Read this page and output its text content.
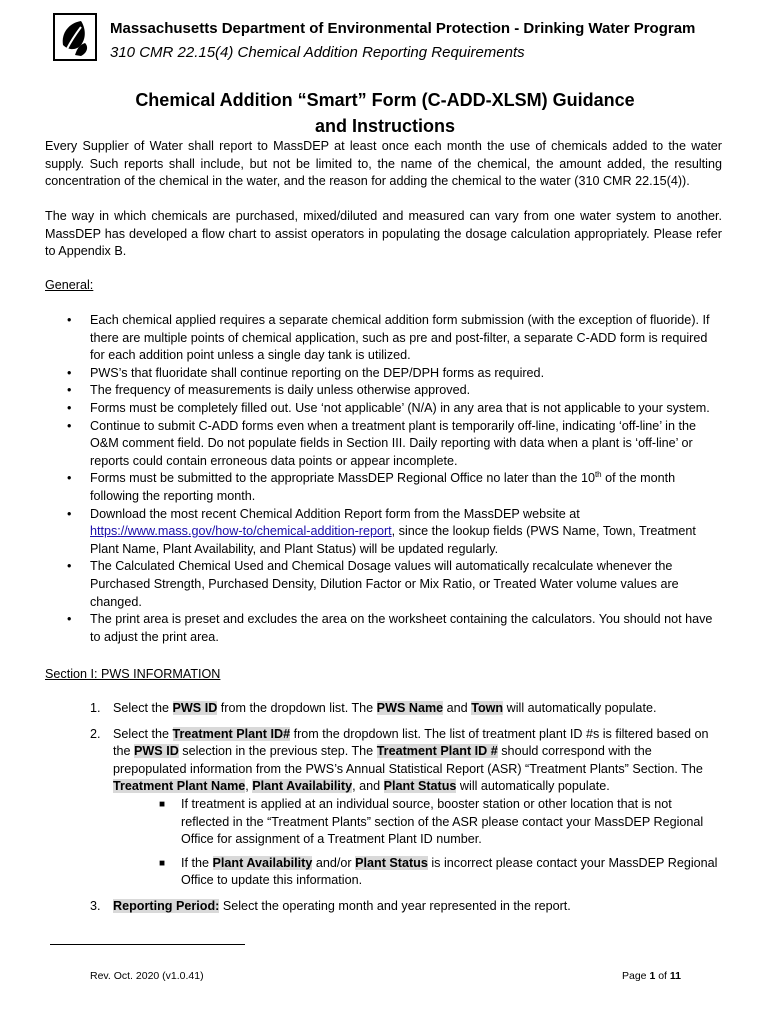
Massachusetts Department of Environmental Protection - Drinking Water Program
310 CMR 22.15(4) Chemical Addition Reporting Requirements
Chemical Addition “Smart” Form (C-ADD-XLSM) Guidance
and Instructions
Every Supplier of Water shall report to MassDEP at least once each month the use of chemicals added to the water supply. Such reports shall include, but not be limited to, the name of the chemical, the amount added, the resulting concentration of the chemical in the water, and the reason for adding the chemical to the water (310 CMR 22.15(4)).
The way in which chemicals are purchased, mixed/diluted and measured can vary from one water system to another. MassDEP has developed a flow chart to assist operators in populating the dosage calculation appropriately. Please refer to Appendix B.
General:
• Each chemical applied requires a separate chemical addition form submission (with the exception of fluoride). If there are multiple points of chemical application, such as pre and post-filter, a separate C-ADD form is required for each addition point unless a single day tank is utilized.
• PWS’s that fluoridate shall continue reporting on the DEP/DPH forms as required.
• The frequency of measurements is daily unless otherwise approved.
• Forms must be completely filled out. Use ‘not applicable’ (N/A) in any area that is not applicable to your system.
• Continue to submit C-ADD forms even when a treatment plant is temporarily off-line, indicating ‘off-line’ in the O&M comment field. Do not populate fields in Section III. Daily reporting with data when a plant is ‘off-line’ or reports could contain erroneous data points or appear incomplete.
• Forms must be submitted to the appropriate MassDEP Regional Office no later than the 10th of the month following the reporting month.
• Download the most recent Chemical Addition Report form from the MassDEP website at https://www.mass.gov/how-to/chemical-addition-report, since the lookup fields (PWS Name, Town, Treatment Plant Name, Plant Availability, and Plant Status) will be updated regularly.
• The Calculated Chemical Used and Chemical Dosage values will automatically recalculate whenever the Purchased Strength, Purchased Density, Dilution Factor or Mix Ratio, or Treated Water volume values are changed.
• The print area is preset and excludes the area on the worksheet containing the calculators. You should not have to adjust the print area.
Section I: PWS INFORMATION
1. Select the PWS ID from the dropdown list. The PWS Name and Town will automatically populate.
2. Select the Treatment Plant ID# from the dropdown list. The list of treatment plant ID #s is filtered based on the PWS ID selection in the previous step. The Treatment Plant ID # should correspond with the prepopulated information from the PWS’s Annual Statistical Report (ASR) “Treatment Plants” Section. The Treatment Plant Name, Plant Availability, and Plant Status will automatically populate.
■ If treatment is applied at an individual source, booster station or other location that is not reflected in the “Treatment Plants” section of the ASR please contact your MassDEP Regional Office for assignment of a Treatment Plant ID number.
■ If the Plant Availability and/or Plant Status is incorrect please contact your MassDEP Regional Office to update this information.
3. Reporting Period: Select the operating month and year represented in the report.
Rev. Oct. 2020 (v1.0.41)	Page 1 of 11
